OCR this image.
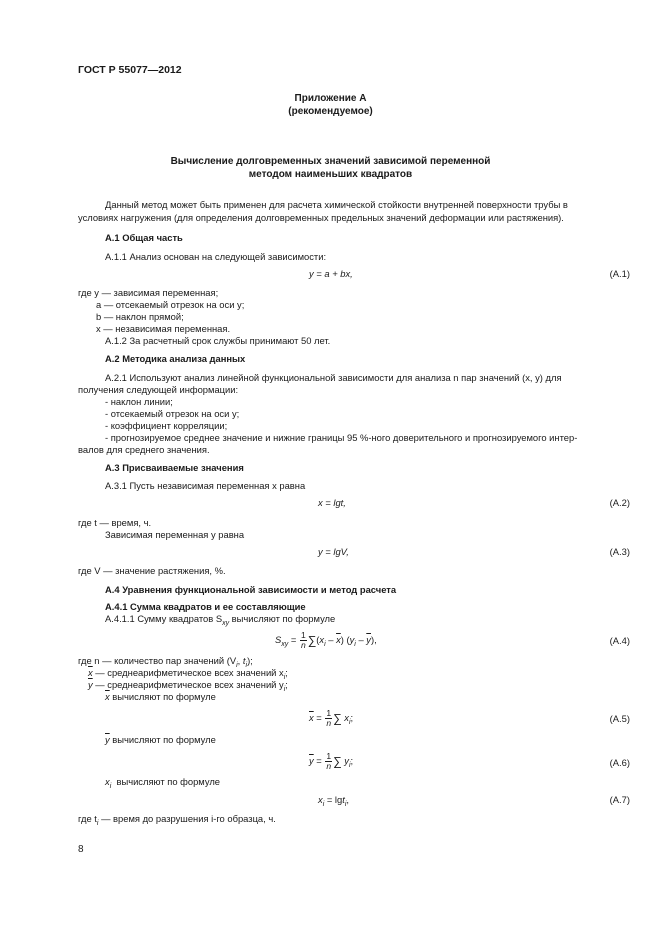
ГОСТ Р 55077—2012
Приложение А
(рекомендуемое)
Вычисление долговременных значений зависимой переменной
методом наименьших квадратов
Данный метод может быть применен для расчета химической стойкости внутренней поверхности трубы в
условиях нагружения (для определения долговременных предельных значений деформации или растяжения).
А.1 Общая часть
А.1.1 Анализ основан на следующей зависимости:
y = a + bx,	(А.1)
где y — зависимая переменная;
a — отсекаемый отрезок на оси y;
b — наклон прямой;
x — независимая переменная.
А.1.2 За расчетный срок службы принимают 50 лет.
А.2 Методика анализа данных
А.2.1 Используют анализ линейной функциональной зависимости для анализа n пар значений (x, y) для
получения следующей информации:
- наклон линии;
- отсекаемый отрезок на оси y;
- коэффициент корреляции;
- прогнозируемое среднее значение и нижние границы 95 %-ного доверительного и прогнозируемого интер-
валов для среднего значения.
А.3 Присваиваемые значения
А.3.1 Пусть независимая переменная x равна
x = lgt,	(А.2)
где t — время, ч.
Зависимая переменная y равна
y = lgV,	(А.3)
где V — значение растяжения, %.
А.4 Уравнения функциональной зависимости и метод расчета
А.4.1 Сумма квадратов и ее составляющие
А.4.1.1 Сумму квадратов $S_{xy}$ вычисляют по формуле
$S_{xy} = \frac{1}{n} \sum(x_i - \overline{x})$ $(y_i - \overline{y})$,	(А.4)
где n — количество пар значений ($V_i$, $t_i$);
$\overline{x}$ — среднеарифметическое всех значений $x_i$;
$\overline{y}$ — среднеарифметическое всех значений $y_i$;
$\overline{x}$ вычисляют по формуле
$\overline{x} = \frac{1}{n}$ ∑ $x_i$;	(А.5)
$\overline{y}$ вычисляют по формуле
$\overline{y} = \frac{1}{n}$ ∑ $y_i$;	(А.6)
$x_i$ вычисляют по формуле
$x_i = \lg t_i$,	(А.7)
где $t_i$ — время до разрушения i-го образца, ч.
8
